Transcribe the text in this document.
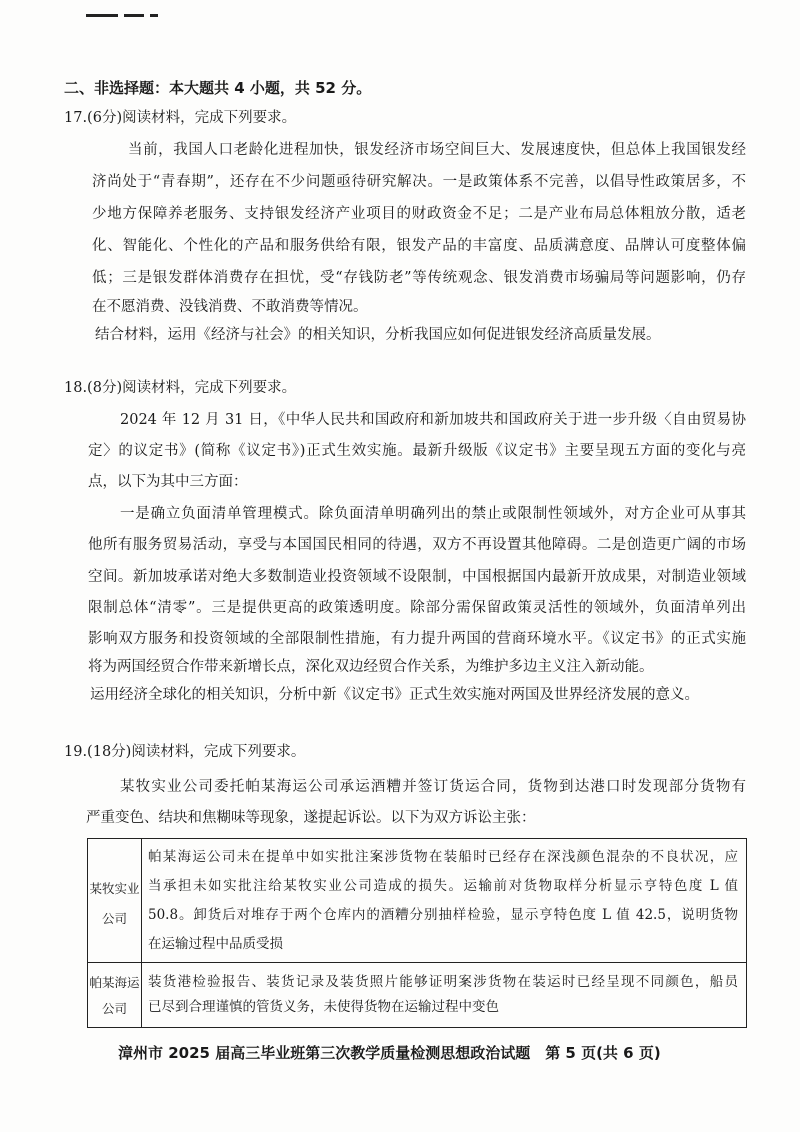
二、非选择题：本大题共 4 小题，共 52 分。
17.(6分)阅读材料，完成下列要求。
当前，我国人口老龄化进程加快，银发经济市场空间巨大、发展速度快，但总体上我国银发经
济尚处于“青春期”，还存在不少问题亟待研究解决。一是政策体系不完善，以倡导性政策居多，不
少地方保障养老服务、支持银发经济产业项目的财政资金不足；二是产业布局总体粗放分散，适老
化、智能化、个性化的产品和服务供给有限，银发产品的丰富度、品质满意度、品牌认可度整体偏
低；三是银发群体消费存在担忧，受“存钱防老”等传统观念、银发消费市场骗局等问题影响，仍存
在不愿消费、没钱消费、不敢消费等情况。
结合材料，运用《经济与社会》的相关知识，分析我国应如何促进银发经济高质量发展。
18.(8分)阅读材料，完成下列要求。
2024 年 12 月 31 日，《中华人民共和国政府和新加坡共和国政府关于进一步升级〈自由贸易协
定〉的议定书》(简称《议定书》)正式生效实施。最新升级版《议定书》主要呈现五方面的变化与亮
点，以下为其中三方面：
一是确立负面清单管理模式。除负面清单明确列出的禁止或限制性领域外，对方企业可从事其
他所有服务贸易活动，享受与本国国民相同的待遇，双方不再设置其他障碍。二是创造更广阔的市场
空间。新加坡承诺对绝大多数制造业投资领域不设限制，中国根据国内最新开放成果，对制造业领域
限制总体“清零”。三是提供更高的政策透明度。除部分需保留政策灵活性的领域外，负面清单列出
影响双方服务和投资领域的全部限制性措施，有力提升两国的营商环境水平。《议定书》的正式实施
将为两国经贸合作带来新增长点，深化双边经贸合作关系，为维护多边主义注入新动能。
运用经济全球化的相关知识，分析中新《议定书》正式生效实施对两国及世界经济发展的意义。
19.(18分)阅读材料，完成下列要求。
某牧实业公司委托帕某海运公司承运酒糟并签订货运合同，货物到达港口时发现部分货物有
严重变色、结块和焦糊味等现象，遂提起诉讼。以下为双方诉讼主张：
某牧实业
公司
帕某海运公司未在提单中如实批注案涉货物在装船时已经存在深浅颜色混杂的不良状况，应
当承担未如实批注给某牧实业公司造成的损失。运输前对货物取样分析显示亨特色度 L 值
50.8。卸货后对堆存于两个仓库内的酒糟分别抽样检验，显示亨特色度 L 值 42.5，说明货物
在运输过程中品质受损
帕某海运
公司
装货港检验报告、装货记录及装货照片能够证明案涉货物在装运时已经呈现不同颜色，船员
已尽到合理谨慎的管货义务，未使得货物在运输过程中变色
漳州市 2025 届高三毕业班第三次教学质量检测思想政治试题　第 5 页(共 6 页)
